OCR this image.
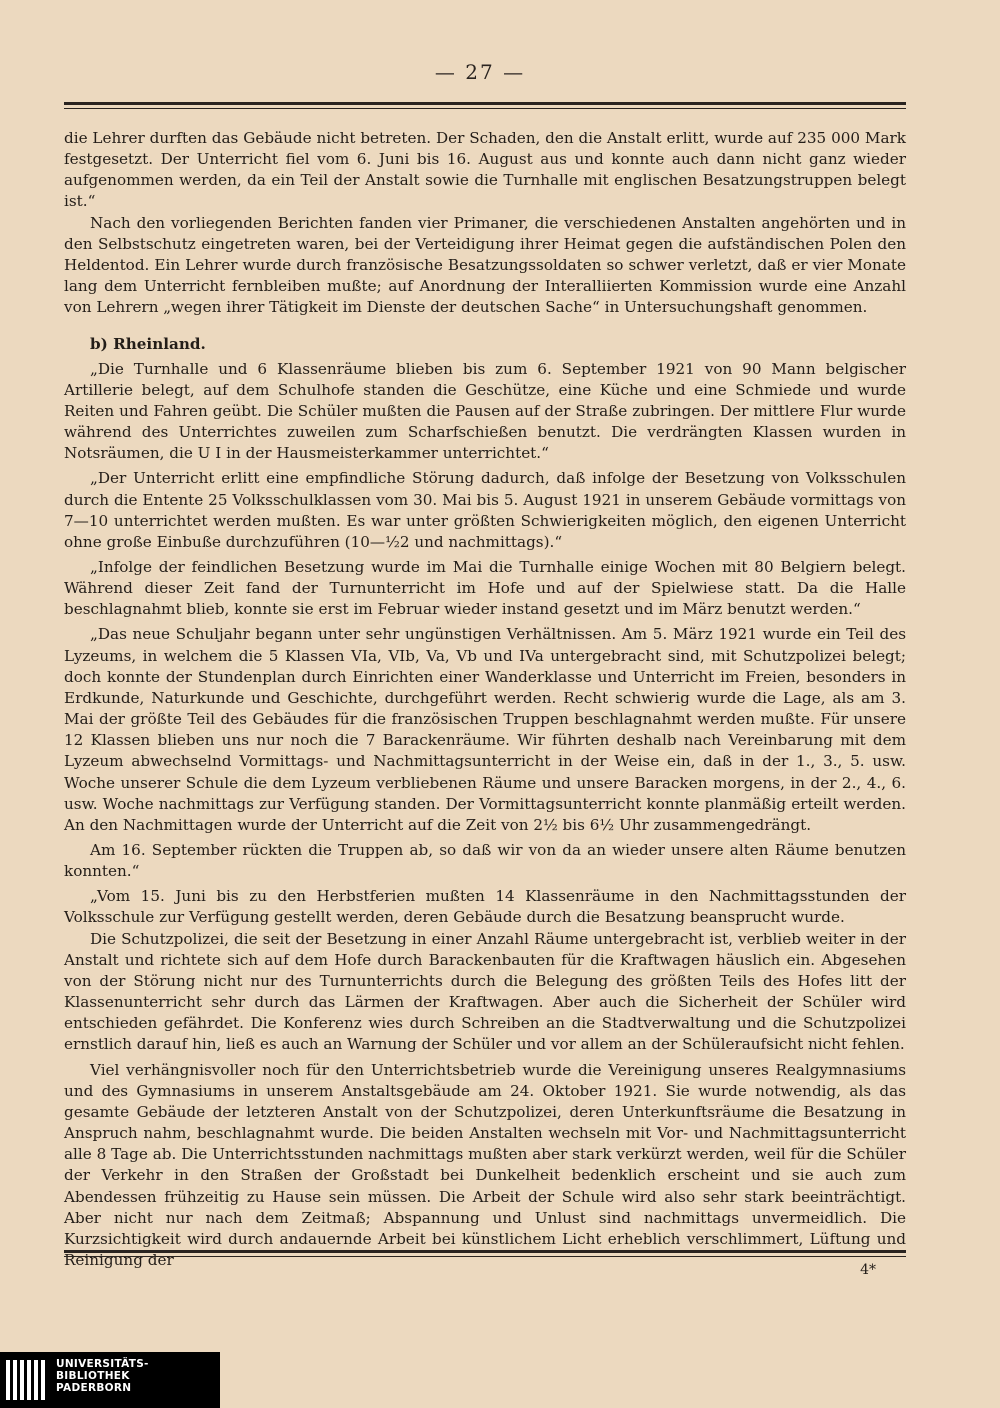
— 27 —

die Lehrer durften das Gebäude nicht betreten. Der Schaden, den die Anstalt erlitt, wurde auf 235 000 Mark festgesetzt. Der Unterricht fiel vom 6. Juni bis 16. August aus und konnte auch dann nicht ganz wieder aufgenommen werden, da ein Teil der Anstalt sowie die Turnhalle mit englischen Besatzungstruppen belegt ist.“

Nach den vorliegenden Berichten fanden vier Primaner, die verschiedenen Anstalten angehörten und in den Selbstschutz eingetreten waren, bei der Verteidigung ihrer Heimat gegen die aufständischen Polen den Heldentod. Ein Lehrer wurde durch französische Besatzungssoldaten so schwer verletzt, daß er vier Monate lang dem Unterricht fernbleiben mußte; auf Anordnung der Interalliierten Kommission wurde eine Anzahl von Lehrern „wegen ihrer Tätigkeit im Dienste der deutschen Sache“ in Untersuchungshaft genommen.

b) Rheinland.

„Die Turnhalle und 6 Klassenräume blieben bis zum 6. September 1921 von 90 Mann belgischer Artillerie belegt, auf dem Schulhofe standen die Geschütze, eine Küche und eine Schmiede und wurde Reiten und Fahren geübt. Die Schüler mußten die Pausen auf der Straße zubringen. Der mittlere Flur wurde während des Unterrichtes zuweilen zum Scharfschießen benutzt. Die verdrängten Klassen wurden in Notsräumen, die U I in der Hausmeisterkammer unterrichtet.“

„Der Unterricht erlitt eine empfindliche Störung dadurch, daß infolge der Besetzung von Volksschulen durch die Entente 25 Volksschulklassen vom 30. Mai bis 5. August 1921 in unserem Gebäude vormittags von 7—10 unterrichtet werden mußten. Es war unter größten Schwierigkeiten möglich, den eigenen Unterricht ohne große Einbuße durchzuführen (10—½2 und nachmittags).“

„Infolge der feindlichen Besetzung wurde im Mai die Turnhalle einige Wochen mit 80 Belgiern belegt. Während dieser Zeit fand der Turnunterricht im Hofe und auf der Spielwiese statt. Da die Halle beschlagnahmt blieb, konnte sie erst im Februar wieder instand gesetzt und im März benutzt werden.“

„Das neue Schuljahr begann unter sehr ungünstigen Verhältnissen. Am 5. März 1921 wurde ein Teil des Lyzeums, in welchem die 5 Klassen VIa, VIb, Va, Vb und IVa untergebracht sind, mit Schutzpolizei belegt; doch konnte der Stundenplan durch Einrichten einer Wanderklasse und Unterricht im Freien, besonders in Erdkunde, Naturkunde und Geschichte, durchgeführt werden. Recht schwierig wurde die Lage, als am 3. Mai der größte Teil des Gebäudes für die französischen Truppen beschlagnahmt werden mußte. Für unsere 12 Klassen blieben uns nur noch die 7 Barackenräume. Wir führten deshalb nach Vereinbarung mit dem Lyzeum abwechselnd Vormittags- und Nachmittagsunterricht in der Weise ein, daß in der 1., 3., 5. usw. Woche unserer Schule die dem Lyzeum verbliebenen Räume und unsere Baracken morgens, in der 2., 4., 6. usw. Woche nachmittags zur Verfügung standen. Der Vormittagsunterricht konnte planmäßig erteilt werden. An den Nachmittagen wurde der Unterricht auf die Zeit von 2½ bis 6½ Uhr zusammengedrängt.

Am 16. September rückten die Truppen ab, so daß wir von da an wieder unsere alten Räume benutzen konnten.“

„Vom 15. Juni bis zu den Herbstferien mußten 14 Klassenräume in den Nachmittagsstunden der Volksschule zur Verfügung gestellt werden, deren Gebäude durch die Besatzung beansprucht wurde.

Die Schutzpolizei, die seit der Besetzung in einer Anzahl Räume untergebracht ist, verblieb weiter in der Anstalt und richtete sich auf dem Hofe durch Barackenbauten für die Kraftwagen häuslich ein. Abgesehen von der Störung nicht nur des Turnunterrichts durch die Belegung des größten Teils des Hofes litt der Klassenunterricht sehr durch das Lärmen der Kraftwagen. Aber auch die Sicherheit der Schüler wird entschieden gefährdet. Die Konferenz wies durch Schreiben an die Stadtverwaltung und die Schutzpolizei ernstlich darauf hin, ließ es auch an Warnung der Schüler und vor allem an der Schüleraufsicht nicht fehlen.

Viel verhängnisvoller noch für den Unterrichtsbetrieb wurde die Vereinigung unseres Realgymnasiums und des Gymnasiums in unserem Anstaltsgebäude am 24. Oktober 1921. Sie wurde notwendig, als das gesamte Gebäude der letzteren Anstalt von der Schutzpolizei, deren Unterkunftsräume die Besatzung in Anspruch nahm, beschlagnahmt wurde. Die beiden Anstalten wechseln mit Vor- und Nachmittagsunterricht alle 8 Tage ab. Die Unterrichtsstunden nachmittags mußten aber stark verkürzt werden, weil für die Schüler der Verkehr in den Straßen der Großstadt bei Dunkelheit bedenklich erscheint und sie auch zum Abendessen frühzeitig zu Hause sein müssen. Die Arbeit der Schule wird also sehr stark beeinträchtigt. Aber nicht nur nach dem Zeitmaß; Abspannung und Unlust sind nachmittags unvermeidlich. Die Kurzsichtigkeit wird durch andauernde Arbeit bei künstlichem Licht erheblich verschlimmert, Lüftung und Reinigung der

4*
UNIVERSITÄTS-
BIBLIOTHEK
PADERBORN
